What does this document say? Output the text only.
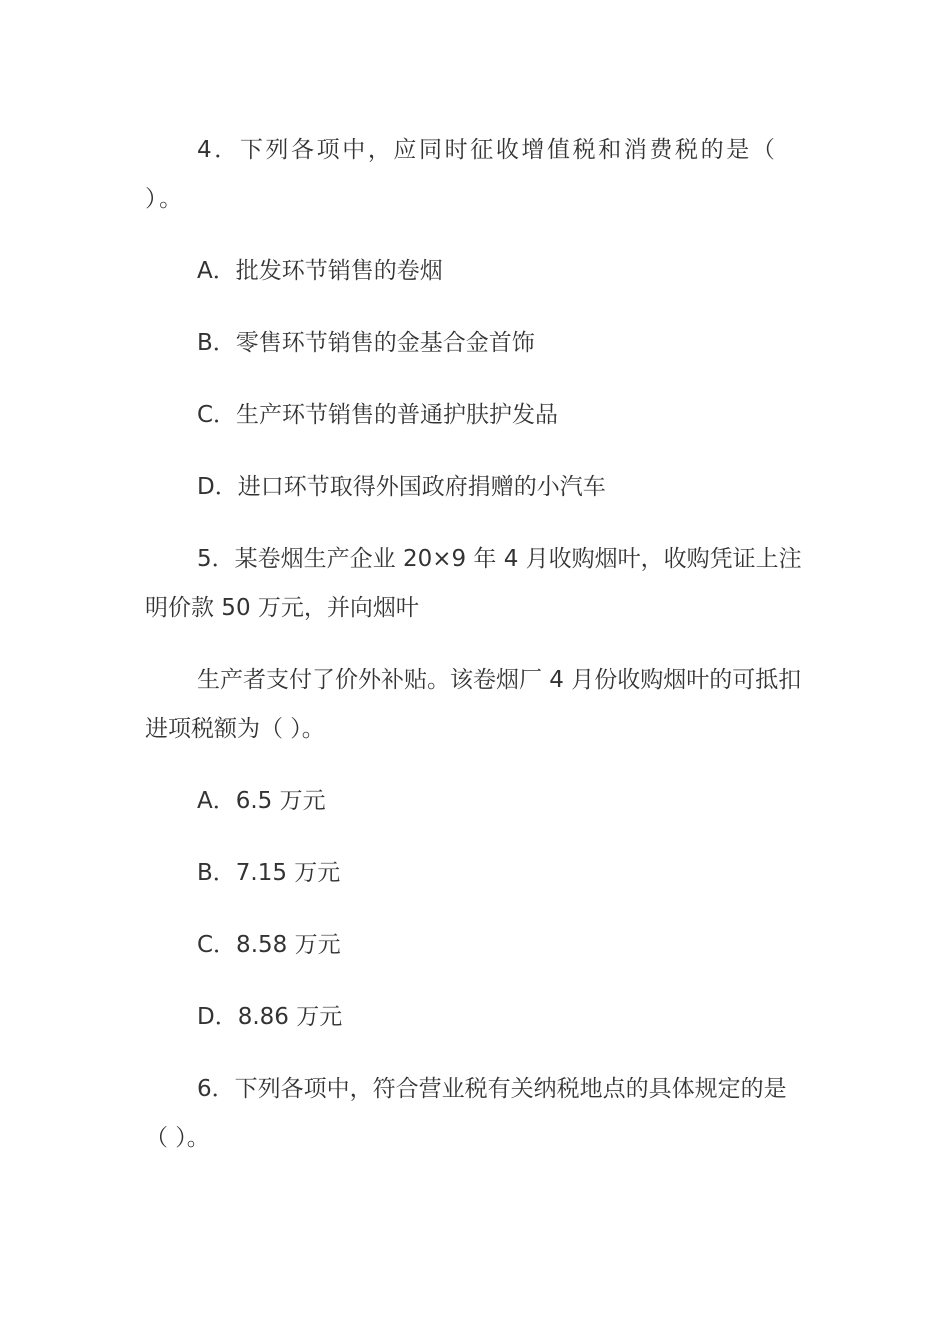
4．下列各项中，应同时征收增值税和消费税的是（ ）。

A．批发环节销售的卷烟

B．零售环节销售的金基合金首饰

C．生产环节销售的普通护肤护发品

D．进口环节取得外国政府捐赠的小汽车

5．某卷烟生产企业 20×9 年 4 月收购烟叶，收购凭证上注明价款 50 万元，并向烟叶

生产者支付了价外补贴。该卷烟厂 4 月份收购烟叶的可抵扣进项税额为（ ）。

A．6.5 万元

B．7.15 万元

C．8.58 万元

D．8.86 万元

6．下列各项中，符合营业税有关纳税地点的具体规定的是（ ）。
